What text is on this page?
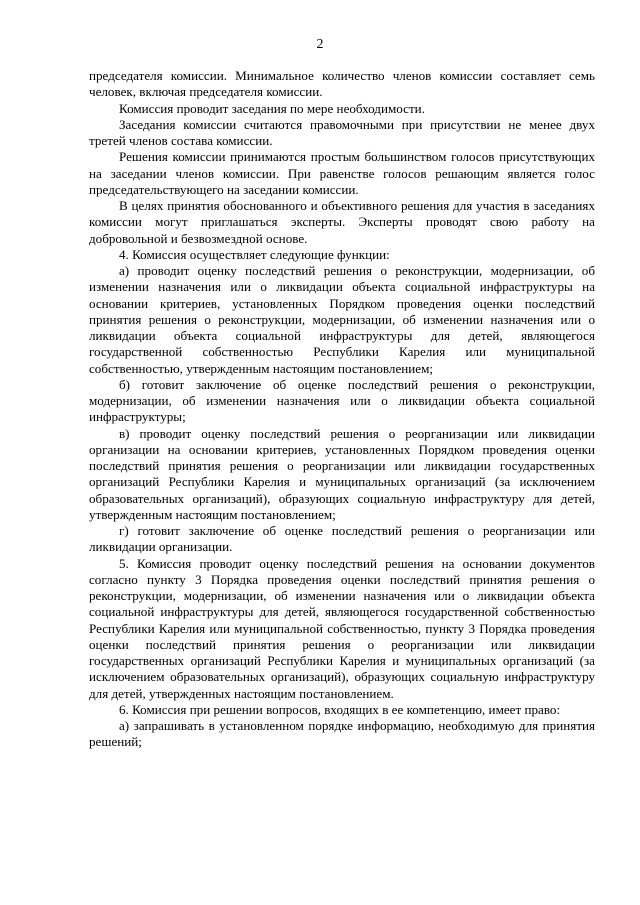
2

председателя комиссии. Минимальное количество членов комиссии составляет семь человек, включая председателя комиссии.

Комиссия проводит заседания по мере необходимости.

Заседания комиссии считаются правомочными при присутствии не менее двух третей членов состава комиссии.

Решения комиссии принимаются простым большинством голосов присутствующих на заседании членов комиссии. При равенстве голосов решающим является голос председательствующего на заседании комиссии.

В целях принятия обоснованного и объективного решения для участия в заседаниях комиссии могут приглашаться эксперты. Эксперты проводят свою работу на добровольной и безвозмездной основе.

4. Комиссия осуществляет следующие функции:

а) проводит оценку последствий решения о реконструкции, модернизации, об изменении назначения или о ликвидации объекта социальной инфраструктуры на основании критериев, установленных Порядком проведения оценки последствий принятия решения о реконструкции, модернизации, об изменении назначения или о ликвидации объекта социальной инфраструктуры для детей, являющегося государственной собственностью Республики Карелия или муниципальной собственностью, утвержденным настоящим постановлением;

б) готовит заключение об оценке последствий решения о реконструкции, модернизации, об изменении назначения или о ликвидации объекта социальной инфраструктуры;

в) проводит оценку последствий решения о реорганизации или ликвидации организации на основании критериев, установленных Порядком проведения оценки последствий принятия решения о реорганизации или ликвидации государственных организаций Республики Карелия и муниципальных организаций (за исключением образовательных организаций), образующих социальную инфраструктуру для детей, утвержденным настоящим постановлением;

г) готовит заключение об оценке последствий решения о реорганизации или ликвидации организации.

5. Комиссия проводит оценку последствий решения на основании документов согласно пункту 3 Порядка проведения оценки последствий принятия решения о реконструкции, модернизации, об изменении назначения или о ликвидации объекта социальной инфраструктуры для детей, являющегося государственной собственностью Республики Карелия или муниципальной собственностью, пункту 3 Порядка проведения оценки последствий принятия решения о реорганизации или ликвидации государственных организаций Республики Карелия и муниципальных организаций (за исключением образовательных организаций), образующих социальную инфраструктуру для детей, утвержденных настоящим постановлением.

6. Комиссия при решении вопросов, входящих в ее компетенцию, имеет право:

а) запрашивать в установленном порядке информацию, необходимую для принятия решений;
